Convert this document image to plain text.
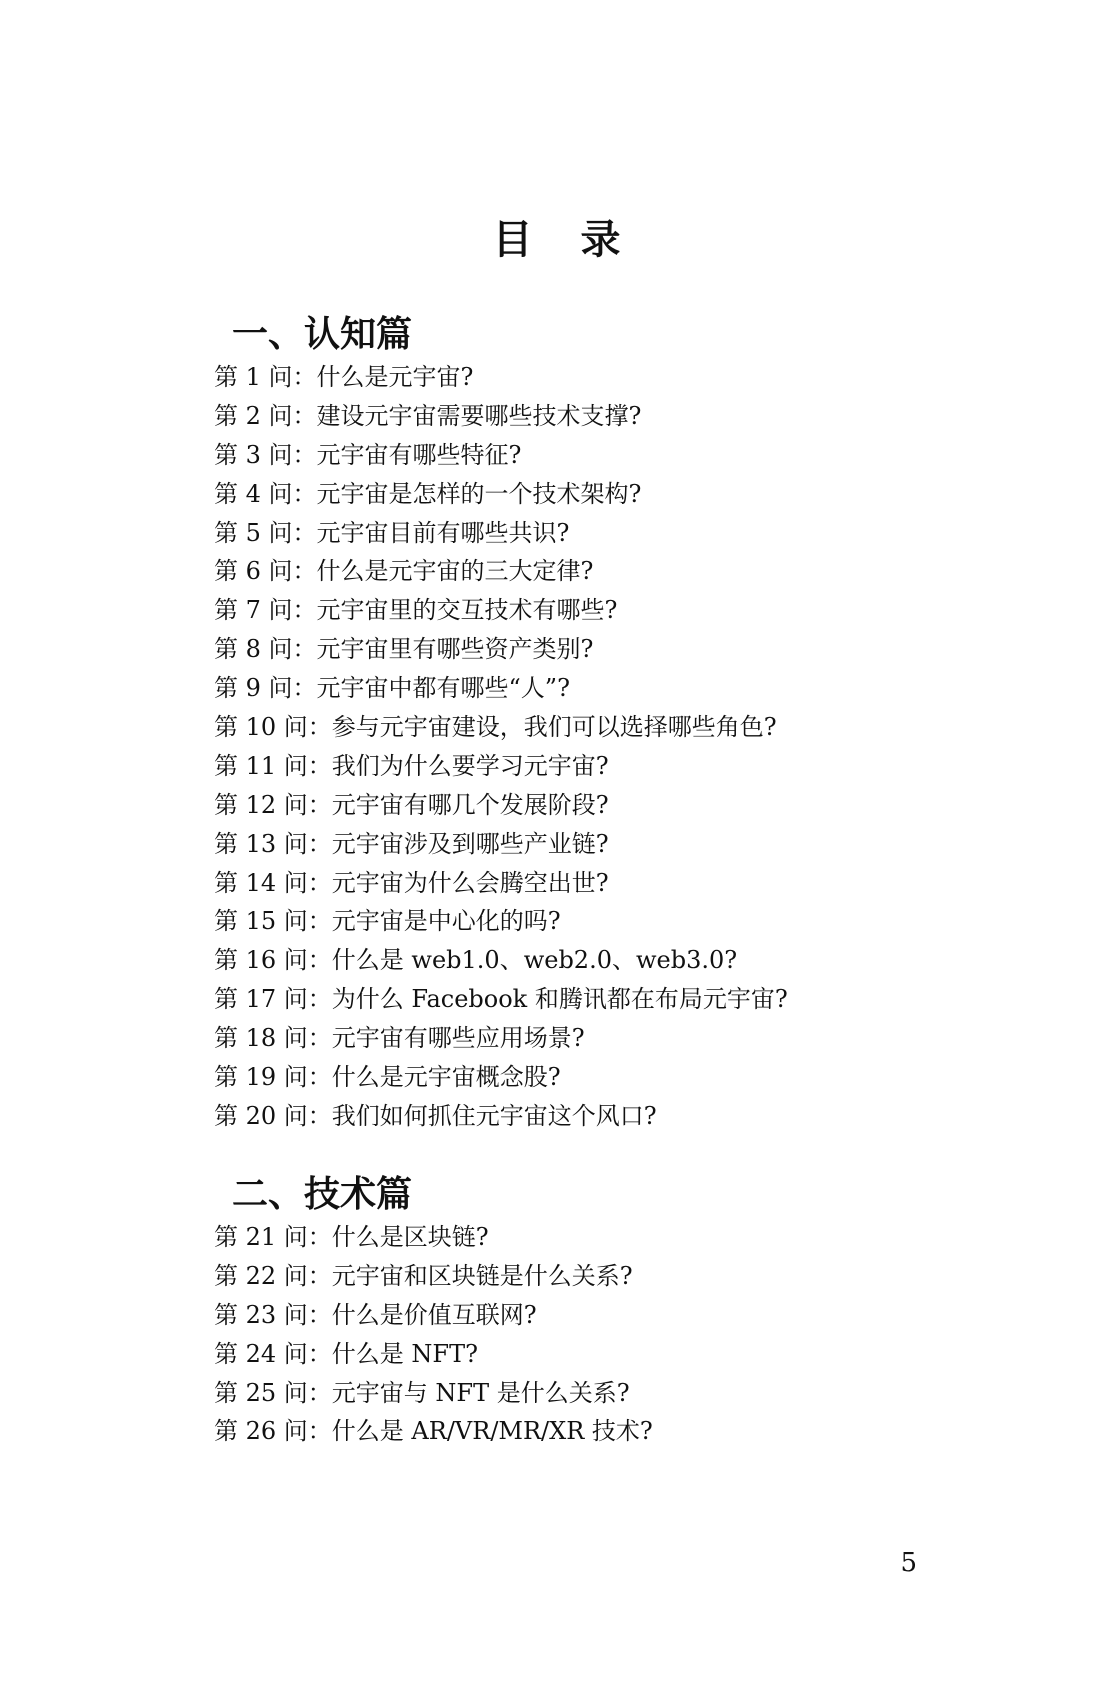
目录
一、认知篇
第 1 问：什么是元宇宙?
第 2 问：建设元宇宙需要哪些技术支撑?
第 3 问：元宇宙有哪些特征?
第 4 问：元宇宙是怎样的一个技术架构?
第 5 问：元宇宙目前有哪些共识?
第 6 问：什么是元宇宙的三大定律?
第 7 问：元宇宙里的交互技术有哪些?
第 8 问：元宇宙里有哪些资产类别?
第 9 问：元宇宙中都有哪些“人”?
第 10 问：参与元宇宙建设，我们可以选择哪些角色?
第 11 问：我们为什么要学习元宇宙?
第 12 问：元宇宙有哪几个发展阶段?
第 13 问：元宇宙涉及到哪些产业链?
第 14 问：元宇宙为什么会腾空出世?
第 15 问：元宇宙是中心化的吗?
第 16 问：什么是 web1.0、web2.0、web3.0?
第 17 问：为什么 Facebook 和腾讯都在布局元宇宙?
第 18 问：元宇宙有哪些应用场景?
第 19 问：什么是元宇宙概念股?
第 20 问：我们如何抓住元宇宙这个风口?
二、技术篇
第 21 问：什么是区块链?
第 22 问：元宇宙和区块链是什么关系?
第 23 问：什么是价值互联网?
第 24 问：什么是 NFT?
第 25 问：元宇宙与 NFT 是什么关系?
第 26 问：什么是 AR/VR/MR/XR 技术?
5
